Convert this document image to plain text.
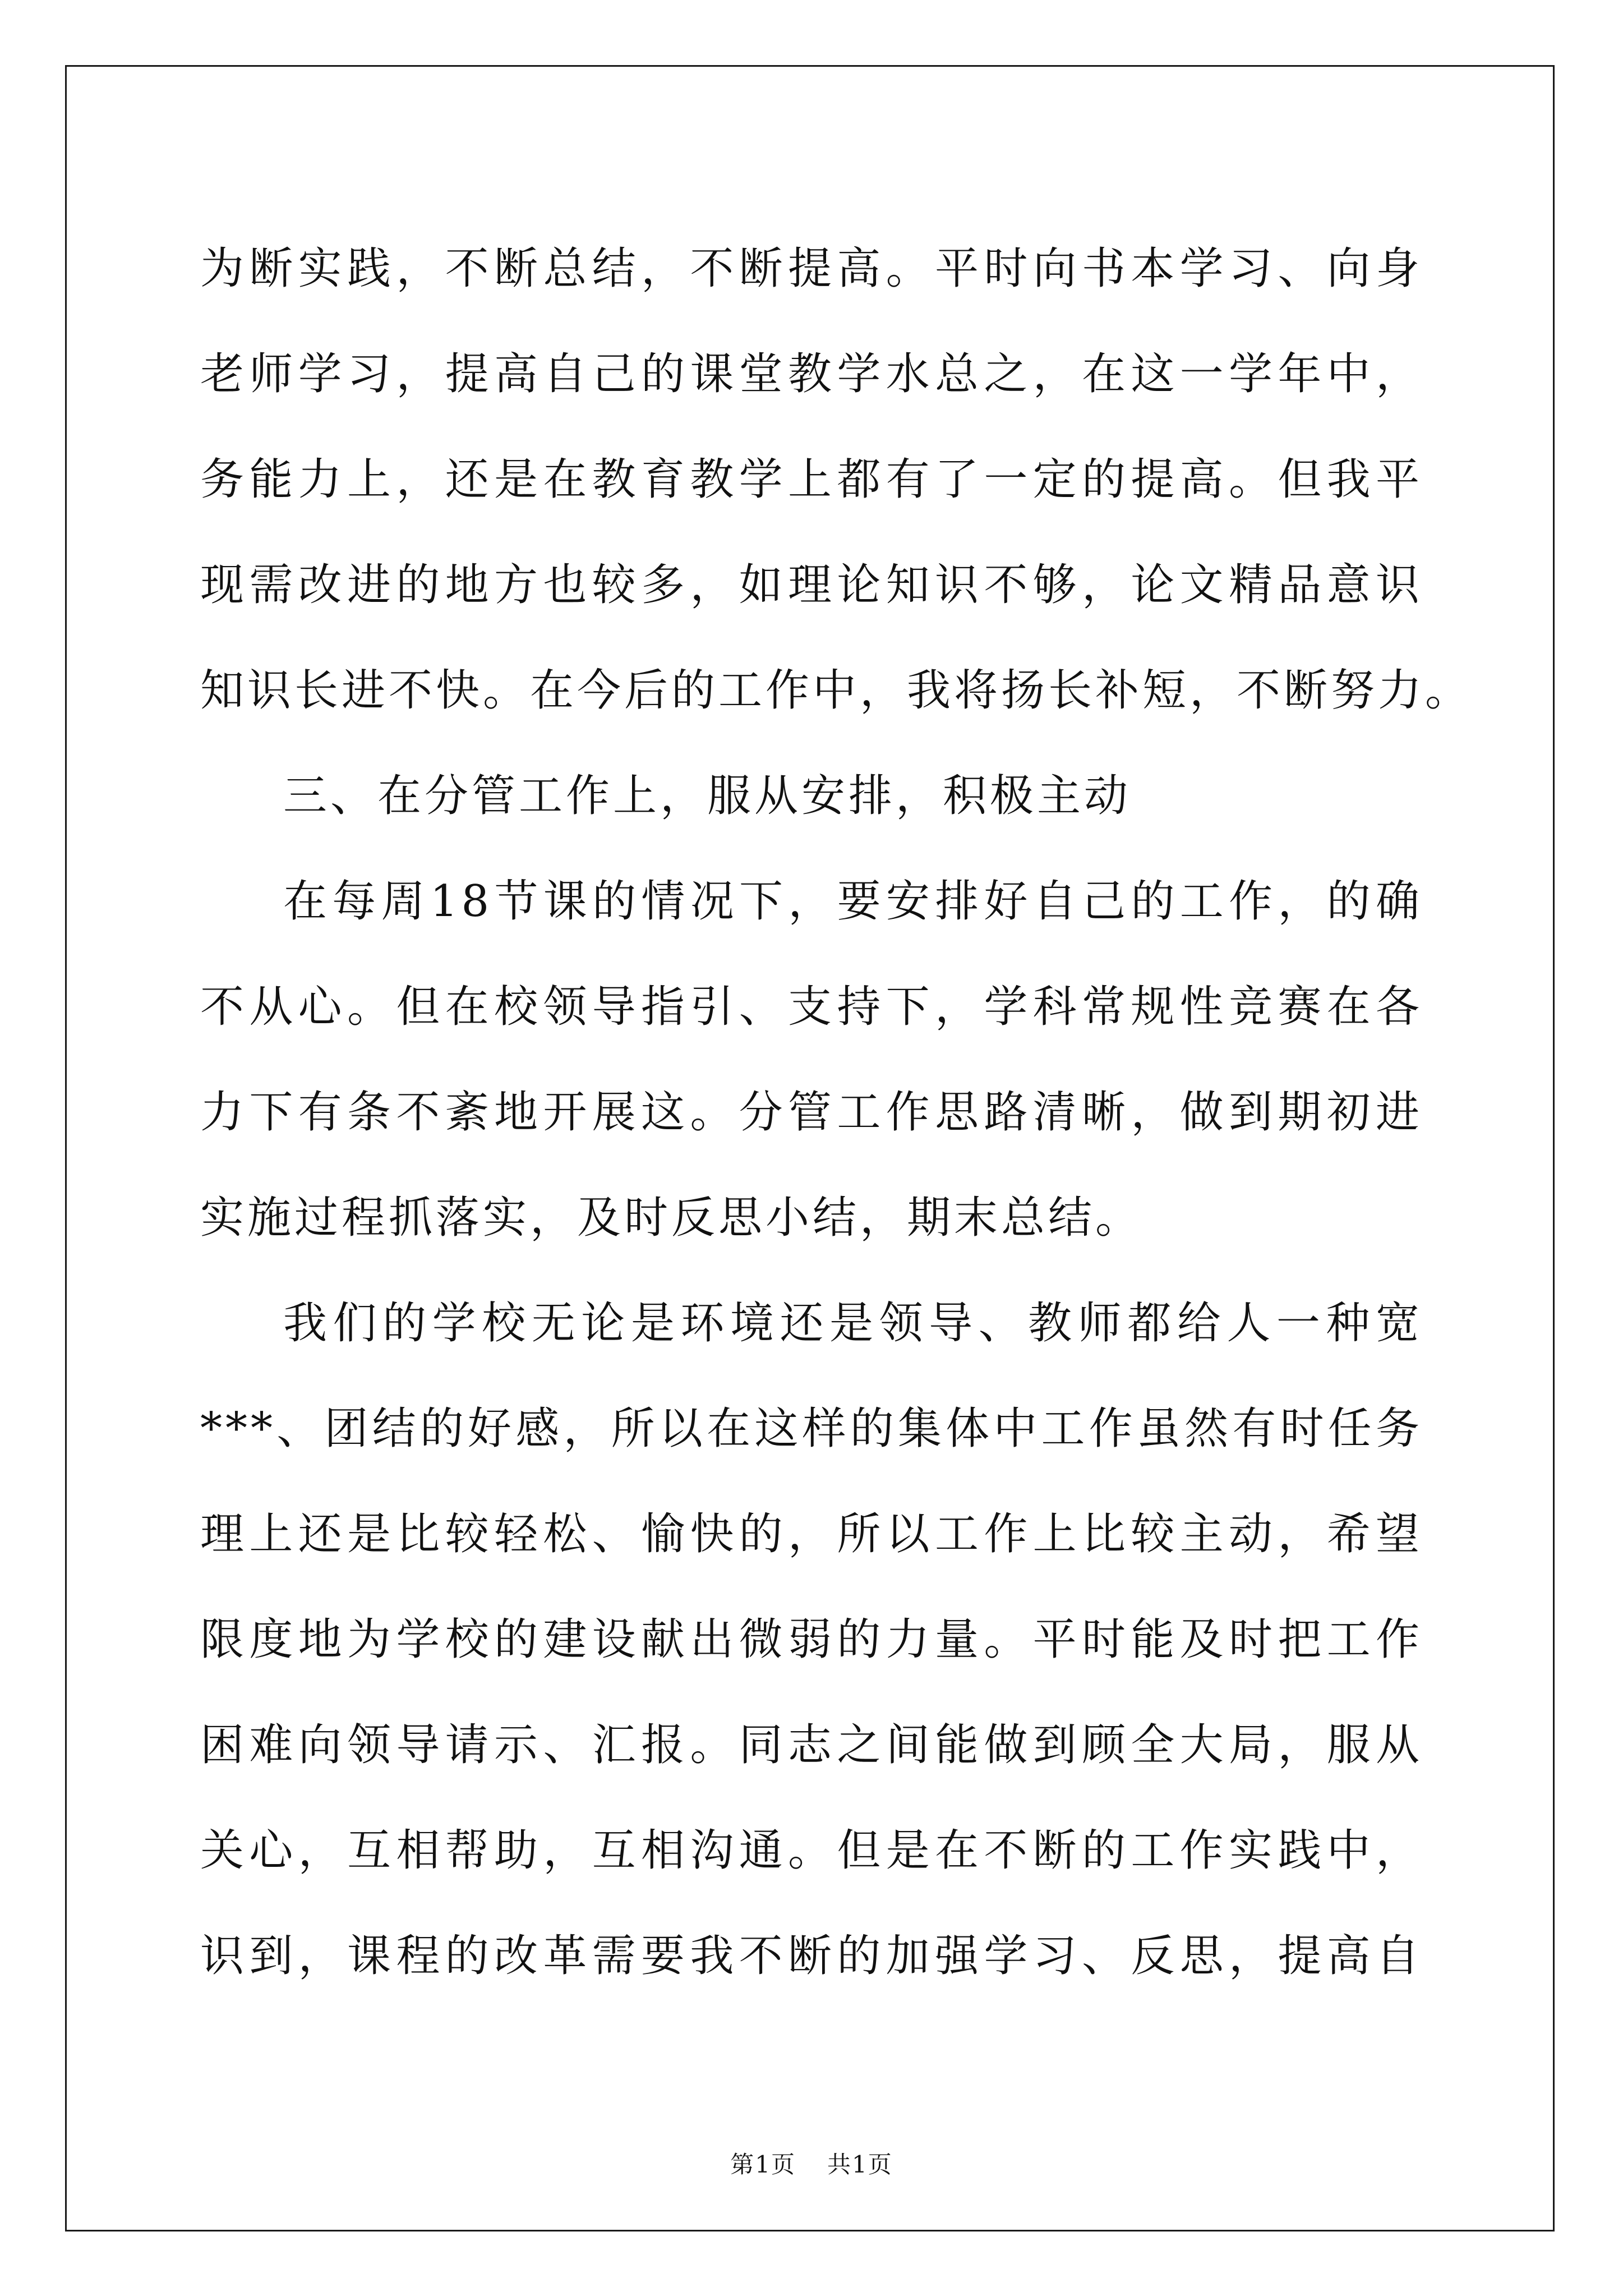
为断实践，不断总结，不断提高。平时向书本学习、向身
老师学习，提高自己的课堂教学水总之，在这一学年中，
务能力上，还是在教育教学上都有了一定的提高。但我平
现需改进的地方也较多，如理论知识不够，论文精品意识
知识长进不快。在今后的工作中，我将扬长补短，不断努力。
三、在分管工作上，服从安排，积极主动
在每周18节课的情况下，要安排好自己的工作，的确
不从心。但在校领导指引、支持下，学科常规性竞赛在各
力下有条不紊地开展这。分管工作思路清晰，做到期初进
实施过程抓落实，及时反思小结，期末总结。
我们的学校无论是环境还是领导、教师都给人一种宽
***、团结的好感，所以在这样的集体中工作虽然有时任务
理上还是比较轻松、愉快的，所以工作上比较主动，希望
限度地为学校的建设献出微弱的力量。平时能及时把工作
困难向领导请示、汇报。同志之间能做到顾全大局，服从
关心，互相帮助，互相沟通。但是在不断的工作实践中，
识到，课程的改革需要我不断的加强学习、反思，提高自
第1页 共1页
